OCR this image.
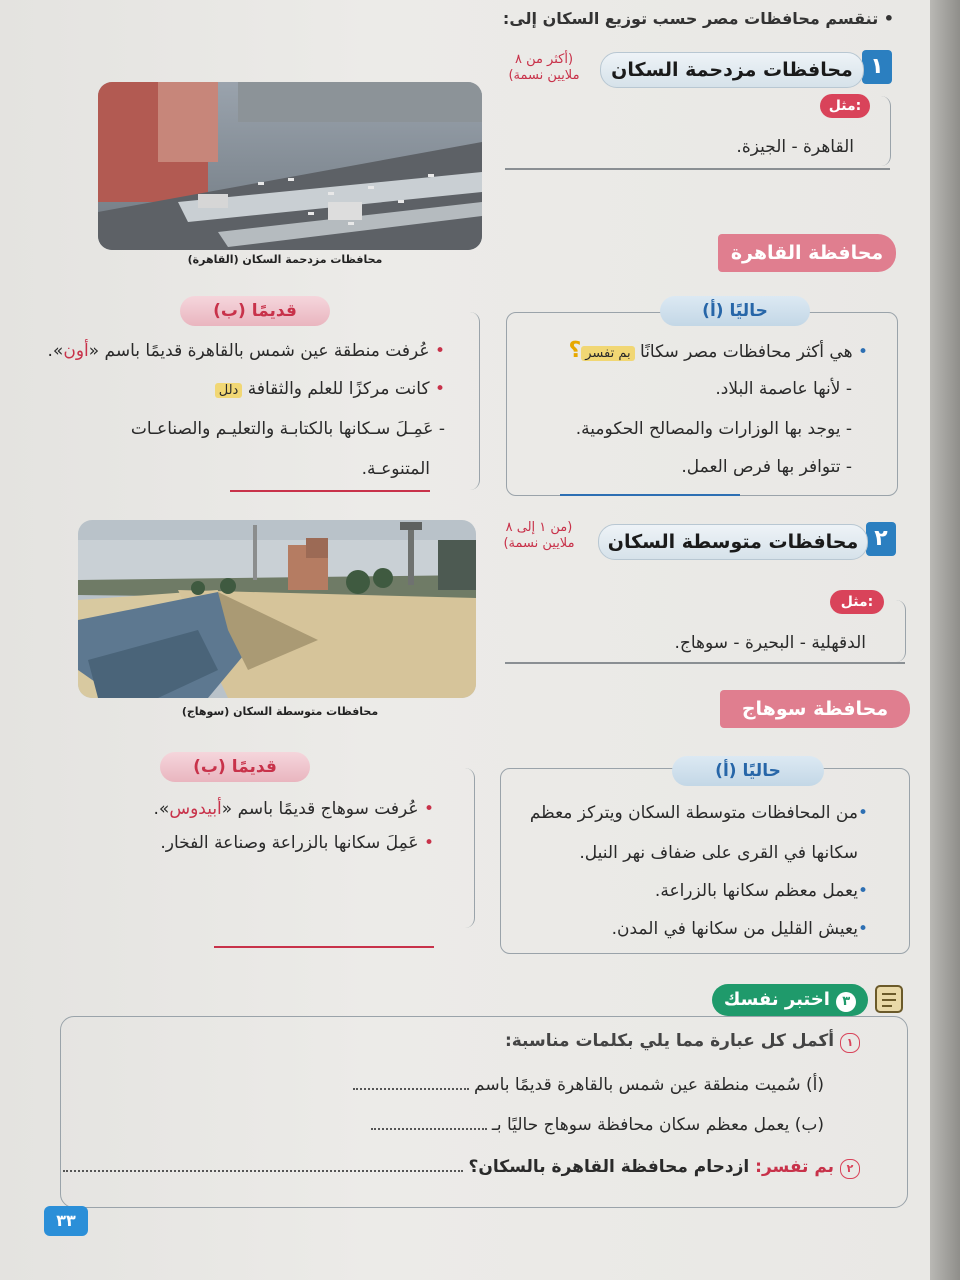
• تنقسم محافظات مصر حسب توزيع السكان إلى:
١
محافظات مزدحمة السكان
(أكثر من ٨
ملايين نسمة)
مثل:
القاهرة - الجيزة.
محافظات مزدحمة السكان (القاهرة)	محافظة القاهرة
(أ) حاليًا
• هي أكثر محافظات مصر سكانًا بم تفسر؟
- لأنها عاصمة البلاد.
- يوجد بها الوزارات والمصالح الحكومية.
- تتوافر بها فرص العمل.
(ب) قديمًا
• عُرفت منطقة عين شمس بالقاهرة قديمًا باسم «أون».
• كانت مركزًا للعلم والثقافة دلل
- عَمِـلَ سـكانها بالكتابـة والتعليـم والصناعـات
المتنوعـة.
٢
محافظات متوسطة السكان
(من ١ إلى ٨
ملايين نسمة)
مثل:
الدقهلية - البحيرة - سوهاج.
محافظات متوسطة السكان (سوهاج)	محافظة سوهاج
(أ) حاليًا
•من المحافظات متوسطة السكان ويتركز معظم
سكانها في القرى على ضفاف نهر النيل.
•يعمل معظم سكانها بالزراعة.
•يعيش القليل من سكانها في المدن.
(ب) قديمًا
• عُرفت سوهاج قديمًا باسم «أبيدوس».
• عَمِلَ سكانها بالزراعة وصناعة الفخار.
اختبر نفسك ٣
١ أكمل كل عبارة مما يلي بكلمات مناسبة:
(أ) سُميت منطقة عين شمس بالقاهرة قديمًا باسم
(ب) يعمل معظم سكان محافظة سوهاج حاليًا بـ
٢ بم تفسر: ازدحام محافظة القاهرة بالسكان؟
٣٣
